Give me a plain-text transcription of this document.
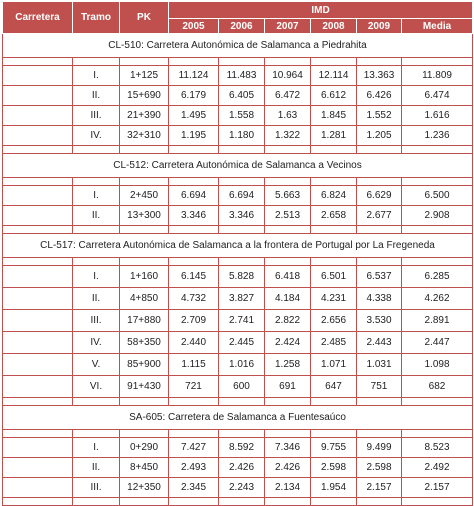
Carretera	Tramo	PK	IMD					
			2005	2006	2007	2008	2009	Media
CL-510: Carretera Autonómica de Salamanca a Piedrahita								

	I.	1+125	11.124	11.483	10.964	12.114	13.363	11.809
	II.	15+690	6.179	6.405	6.472	6.612	6.426	6.474
	III.	21+390	1.495	1.558	1.63	1.845	1.552	1.616
	IV.	32+310	1.195	1.180	1.322	1.281	1.205	1.236

CL-512: Carretera Autonómica de Salamanca a Vecinos								

	I.	2+450	6.694	6.694	5.663	6.824	6.629	6.500
	II.	13+300	3.346	3.346	2.513	2.658	2.677	2.908

CL-517: Carretera Autonómica de Salamanca a la frontera de Portugal por La Fregeneda								

	I.	1+160	6.145	5.828	6.418	6.501	6.537	6.285
	II.	4+850	4.732	3.827	4.184	4.231	4.338	4.262
	III.	17+880	2.709	2.741	2.822	2.656	3.530	2.891
	IV.	58+350	2.440	2.445	2.424	2.485	2.443	2.447
	V.	85+900	1.115	1.016	1.258	1.071	1.031	1.098
	VI.	91+430	721	600	691	647	751	682

SA-605: Carretera de Salamanca a Fuentesaúco								

	I.	0+290	7.427	8.592	7.346	9.755	9.499	8.523
	II.	8+450	2.493	2.426	2.426	2.598	2.598	2.492
	III.	12+350	2.345	2.243	2.134	1.954	2.157	2.157
